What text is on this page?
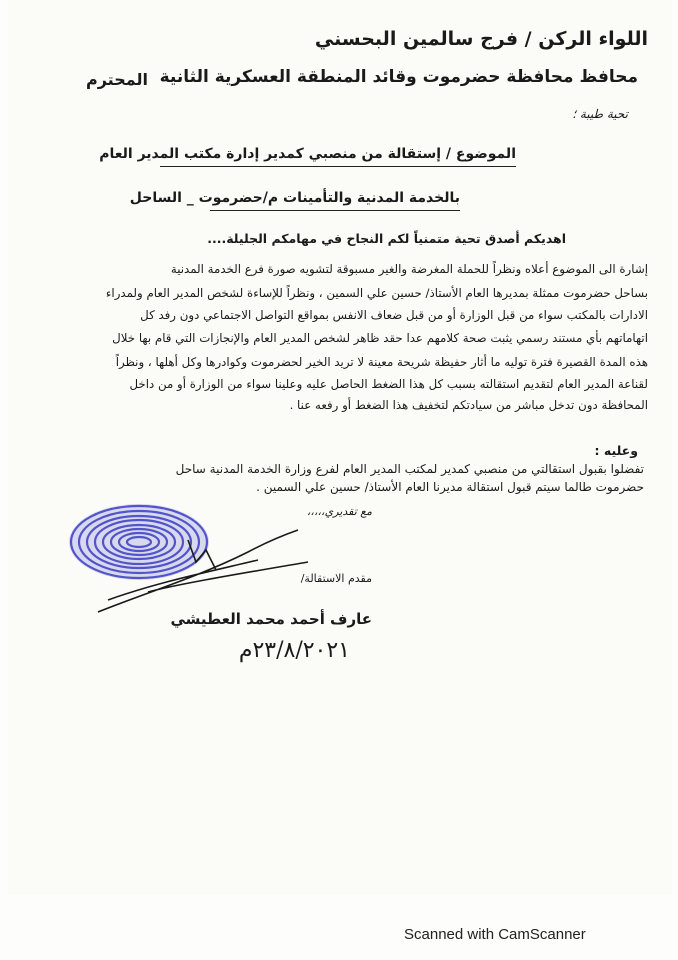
اللواء الركن / فرج سالمين البحسني
محافظ محافظة حضرموت وقائد المنطقة العسكرية الثانية
المحترم
تحية طيبة ؛
الموضوع / إستقالة من منصبي كمدير إدارة مكتب المدير العام
بالخدمة المدنية والتأمينات م/حضرموت _ الساحل
اهديكم أصدق تحية متمنياً لكم النجاح في مهامكم الجليلة....
إشارة الى الموضوع أعلاه ونظراً للحملة المغرضة والغير مسبوقة لتشويه صورة فرع الخدمة المدنية
بساحل حضرموت ممثلة بمديرها العام الأستاذ/ حسين علي السمين ، ونظراً للإساءة لشخص المدير العام ولمدراء
الادارات بالمكتب سواء من قبل الوزارة أو من قبل ضعاف الانفس بمواقع التواصل الاجتماعي دون رفد كل
اتهاماتهم بأي مستند رسمي يثبت صحة كلامهم عدا حقد ظاهر لشخص المدير العام والإنجازات التي قام بها خلال
هذه المدة القصيرة فترة توليه ما أثار حفيظة شريحة معينة لا تريد الخير لحضرموت وكوادرها وكل أهلها ، ونظراً
لقناعة المدير العام لتقديم استقالته بسبب كل هذا الضغط الحاصل عليه وعلينا سواء من الوزارة أو من داخل
المحافظة دون تدخل مباشر من سيادتكم لتخفيف هذا الضغط أو رفعه عنا .
وعليه :
تفضلوا بقبول استقالتي من منصبي كمدير لمكتب المدير العام لفرع وزارة الخدمة المدنية ساحل
حضرموت طالما سيتم قبول استقالة مديرنا العام الأستاذ/ حسين علي السمين .
مع تقديري،،،،،
مقدم الاستقالة/
عارف أحمد محمد العطيشي
٢٣/٨/٢٠٢١م
Scanned with CamScanner
